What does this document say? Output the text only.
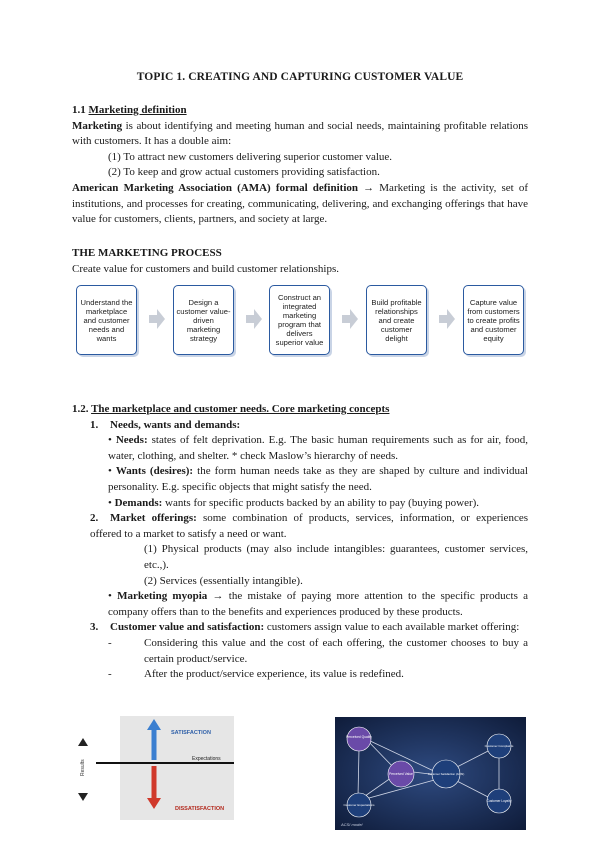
TOPIC 1. CREATING AND CAPTURING CUSTOMER VALUE

1.1 Marketing definition

Marketing is about identifying and meeting human and social needs, maintaining profitable relations with customers. It has a double aim:

(1) To attract new customers delivering superior customer value.

(2) To keep and grow actual customers providing satisfaction.

American Marketing Association (AMA) formal definition → Marketing is the activity, set of institutions, and processes for creating, communicating, delivering, and exchanging offerings that have value for customers, clients, partners, and society at large.

THE MARKETING PROCESS

Create value for customers and build customer relationships.

Understand the marketplace and customer needs and wants
Design a customer value-driven marketing strategy
Construct an integrated marketing program that delivers superior value
Build profitable relationships and create customer delight
Capture value from customers to create profits and customer equity

1.2. The marketplace and customer needs. Core marketing concepts

1. Needs, wants and demands:

• Needs: states of felt deprivation. E.g. The basic human requirements such as for air, food, water, clothing, and shelter. * check Maslow’s hierarchy of needs.

• Wants (desires): the form human needs take as they are shaped by culture and individual personality. E.g. specific objects that might satisfy the need.

• Demands: wants for specific products backed by an ability to pay (buying power).

2. Market offerings: some combination of products, services, information, or experiences offered to a market to satisfy a need or want.

(1) Physical products (may also include intangibles: guarantees, customer services, etc.,).

(2) Services (essentially intangible).

• Marketing myopia → the mistake of paying more attention to the specific products a company offers than to the benefits and experiences produced by these products.

3. Customer value and satisfaction: customers assign value to each available market offering:

-	Considering this value and the cost of each offering, the customer chooses to buy a certain product/service.

-	After the product/service experience, its value is redefined.

Results
Expectations
SATISFACTION
DISSATISFACTION
Perceived Quality
Perceived Value
Customer Expectations
Customer Satisfaction (ACSI)
Customer Complaints
Customer Loyalty
ACSI model
